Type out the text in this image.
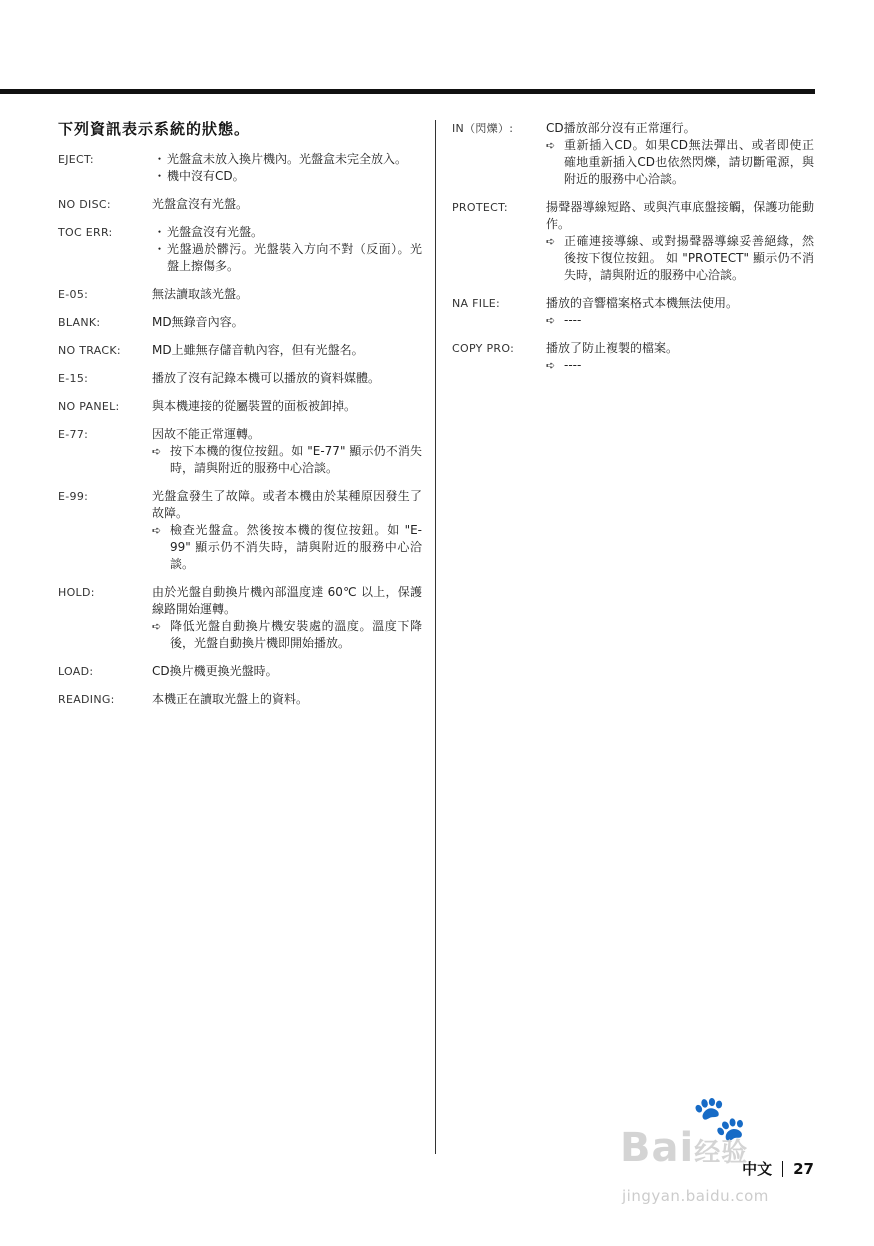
下列資訊表示系統的狀態。
EJECT:	・ 光盤盒未放入換片機內。光盤盒未完全放入。
・ 機中沒有CD。
NO DISC:	光盤盒沒有光盤。
TOC ERR:	・ 光盤盒沒有光盤。
・ 光盤過於髒污。光盤裝入方向不對（反面）。光盤上擦傷多。
E-05:	無法讀取該光盤。
BLANK:	MD無錄音內容。
NO TRACK:	MD上雖無存儲音軌內容，但有光盤名。
E-15:	播放了沒有記錄本機可以播放的資料媒體。
NO PANEL:	與本機連接的從屬裝置的面板被卸掉。
E-77:	因故不能正常運轉。
➪ 按下本機的復位按鈕。如 "E-77" 顯示仍不消失時，請與附近的服務中心洽談。
E-99:	光盤盒發生了故障。或者本機由於某種原因發生了故障。
➪ 檢查光盤盒。然後按本機的復位按鈕。如 "E-99" 顯示仍不消失時，請與附近的服務中心洽談。
HOLD:	由於光盤自動換片機內部溫度達 60℃ 以上，保護線路開始運轉。
➪ 降低光盤自動換片機安裝處的溫度。溫度下降後，光盤自動換片機即開始播放。
LOAD:	CD換片機更換光盤時。
READING:	本機正在讀取光盤上的資料。
IN（閃爍）:	CD播放部分沒有正常運行。
➪ 重新插入CD。如果CD無法彈出、或者即使正確地重新插入CD也依然閃爍，請切斷電源，與附近的服務中心洽談。
PROTECT:	揚聲器導線短路、或與汽車底盤接觸，保護功能動作。
➪ 正確連接導線、或對揚聲器導線妥善絕緣，然後按下復位按鈕。 如 "PROTECT" 顯示仍不消失時，請與附近的服務中心洽談。
NA FILE:	播放的音響檔案格式本機無法使用。
➪ ----
COPY PRO:	播放了防止複製的檔案。
➪ ----
中文 27
🐾
Bai经验
jingyan.baidu.com
